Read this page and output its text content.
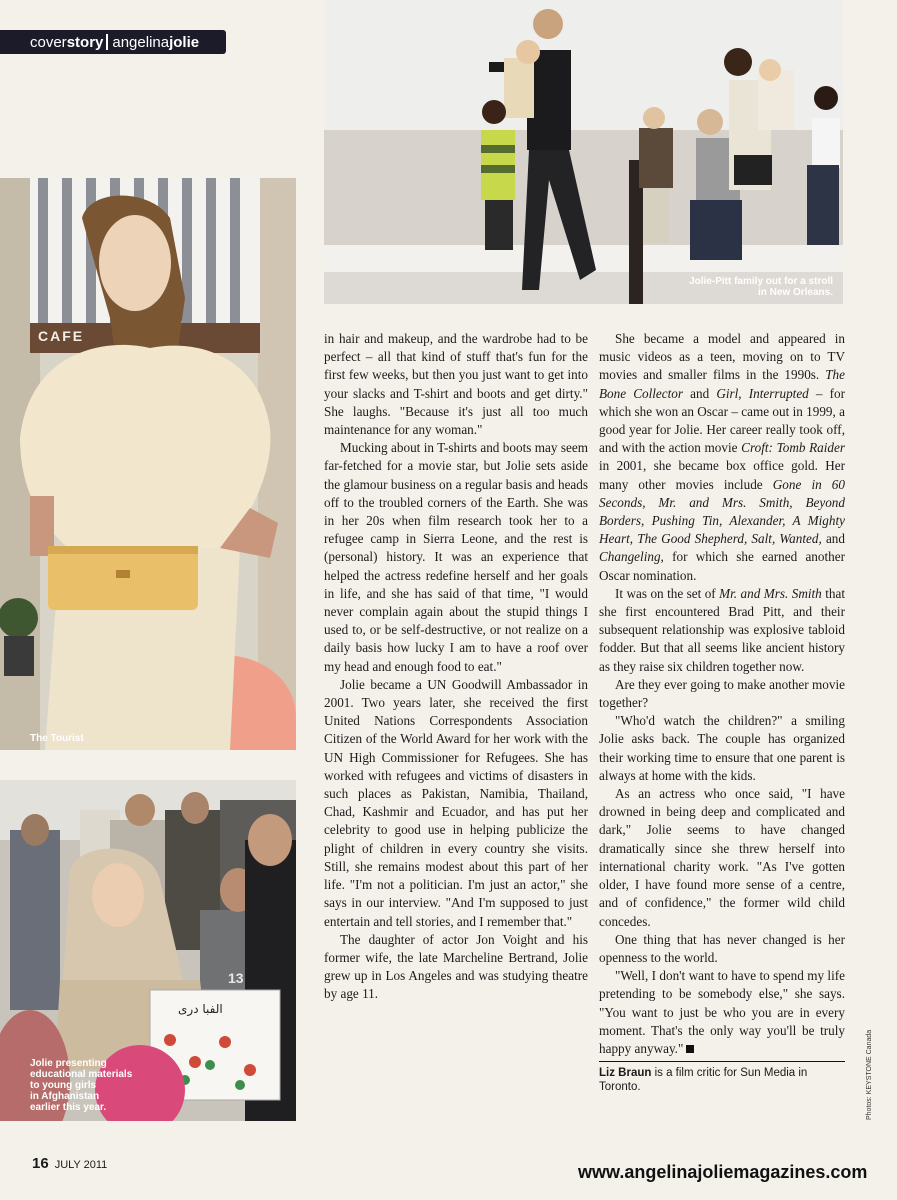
cover story angelina jolie
Jolie-Pitt family out for a stroll
in New Orleans.
CAFE
The Tourist
الفبا دری
13
Jolie presenting
educational materials
to young girls
in Afghanistan
earlier this year.

in hair and makeup, and the wardrobe had to be perfect – all that kind of stuff that's fun for the first few weeks, but then you just want to get into your slacks and T-shirt and boots and get dirty." She laughs. "Because it's just all too much maintenance for any woman."

Mucking about in T-shirts and boots may seem far-fetched for a movie star, but Jolie sets aside the glamour business on a regular basis and heads off to the troubled corners of the Earth. She was in her 20s when film research took her to a refugee camp in Sierra Leone, and the rest is (personal) history. It was an experience that helped the actress redefine herself and her goals in life, and she has said of that time, "I would never complain again about the stupid things I used to, or be self-destructive, or not realize on a daily basis how lucky I am to have a roof over my head and enough food to eat."

Jolie became a UN Goodwill Ambassador in 2001. Two years later, she received the first United Nations Correspondents Association Citizen of the World Award for her work with the UN High Commissioner for Refugees. She has worked with refugees and victims of disasters in such places as Pakistan, Namibia, Thailand, Chad, Kashmir and Ecuador, and has put her celebrity to good use in helping publicize the plight of children in every country she visits. Still, she remains modest about this part of her life. "I'm not a politician. I'm just an actor," she says in our interview. "And I'm supposed to just entertain and tell stories, and I remember that."

The daughter of actor Jon Voight and his former wife, the late Marcheline Bertrand, Jolie grew up in Los Angeles and was studying theatre by age 11.

She became a model and appeared in music videos as a teen, moving on to TV movies and smaller films in the 1990s. The Bone Collector and Girl, Interrupted – for which she won an Oscar – came out in 1999, a good year for Jolie. Her career really took off, and with the action movie Croft: Tomb Raider in 2001, she became box office gold. Her many other movies include Gone in 60 Seconds, Mr. and Mrs. Smith, Beyond Borders, Pushing Tin, Alexander, A Mighty Heart, The Good Shepherd, Salt, Wanted, and Changeling, for which she earned another Oscar nomination.

It was on the set of Mr. and Mrs. Smith that she first encountered Brad Pitt, and their subsequent relationship was explosive tabloid fodder. But that all seems like ancient history as they raise six children together now.

Are they ever going to make another movie together?

"Who'd watch the children?" a smiling Jolie asks back. The couple has organized their working time to ensure that one parent is always at home with the kids.

As an actress who once said, "I have drowned in being deep and complicated and dark," Jolie seems to have changed dramatically since she threw herself into international charity work. "As I've gotten older, I have found more sense of a centre, and of confidence," the former wild child concedes.

One thing that has never changed is her openness to the world.

"Well, I don't want to have to spend my life pretending to be somebody else," she says. "You want to just be who you are in every moment. That's the only way you'll be truly happy anyway."

Liz Braun is a film critic for Sun Media in Toronto.	Photos: KEYSTONE Canada
16 JULY 2011	www.angelinajoliemagazines.com
